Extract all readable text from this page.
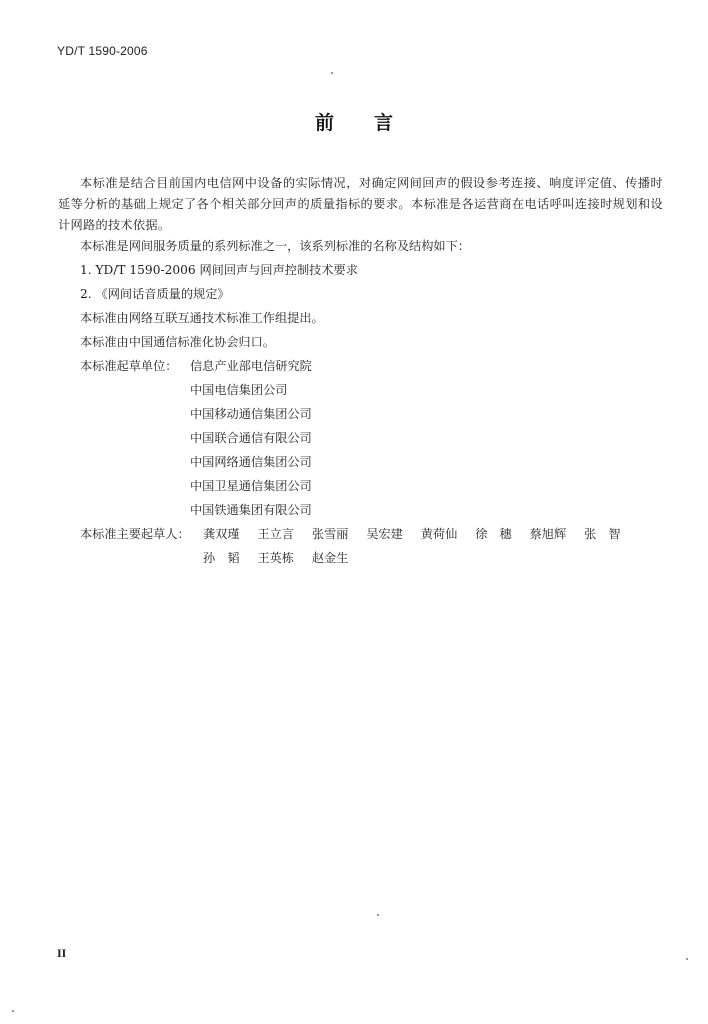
YD/T 1590-2006
前言
本标准是结合目前国内电信网中设备的实际情况，对确定网间回声的假设参考连接、响度评定值、传播时延等分析的基础上规定了各个相关部分回声的质量指标的要求。本标准是各运营商在电话呼叫连接时规划和设计网路的技术依据。
本标准是网间服务质量的系列标准之一，该系列标准的名称及结构如下：
1. YD/T 1590-2006 网间回声与回声控制技术要求
2. 《网间话音质量的规定》
本标准由网络互联互通技术标准工作组提出。
本标准由中国通信标准化协会归口。
本标准起草单位： 信息产业部电信研究院
中国电信集团公司
中国移动通信集团公司
中国联合通信有限公司
中国网络通信集团公司
中国卫星通信集团公司
中国铁通集团有限公司
本标准主要起草人： 龚双瑾 王立言 张雪丽 吴宏建 黄荷仙 徐　穗 蔡旭辉 张　智
孙　韬 王英栋 赵金生
II
